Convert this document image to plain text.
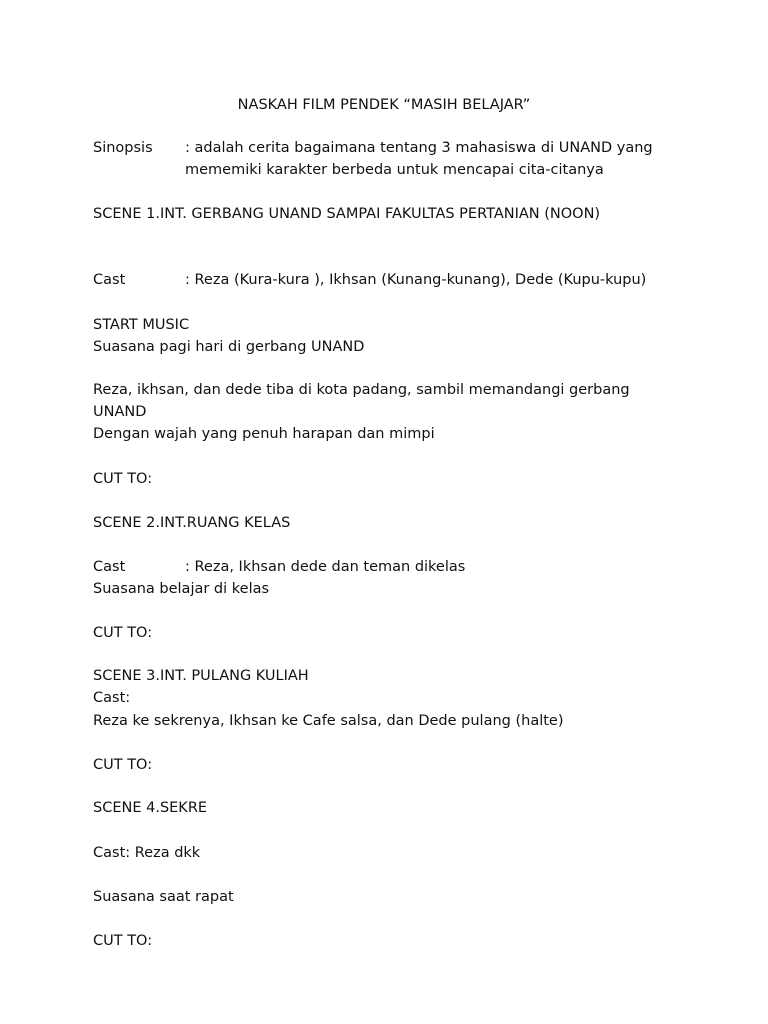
NASKAH FILM PENDEK “MASIH BELAJAR”
Sinopsis : adalah cerita bagaimana tentang 3 mahasiswa di UNAND yang
mememiki karakter berbeda untuk mencapai cita-citanya
SCENE 1.INT. GERBANG UNAND SAMPAI FAKULTAS PERTANIAN (NOON)
Cast	: Reza (Kura-kura ), Ikhsan (Kunang-kunang), Dede (Kupu-kupu)
START MUSIC
Suasana pagi hari di gerbang UNAND
Reza, ikhsan, dan dede tiba di kota padang, sambil memandangi gerbang
UNAND
Dengan wajah yang penuh harapan dan mimpi
CUT TO:
SCENE 2.INT.RUANG KELAS
Cast	: Reza, Ikhsan dede dan teman dikelas
Suasana belajar di kelas
CUT TO:
SCENE 3.INT. PULANG KULIAH
Cast:
Reza ke sekrenya, Ikhsan ke Cafe salsa, dan Dede pulang (halte)
CUT TO:
SCENE 4.SEKRE
Cast: Reza dkk
Suasana saat rapat
CUT TO:
